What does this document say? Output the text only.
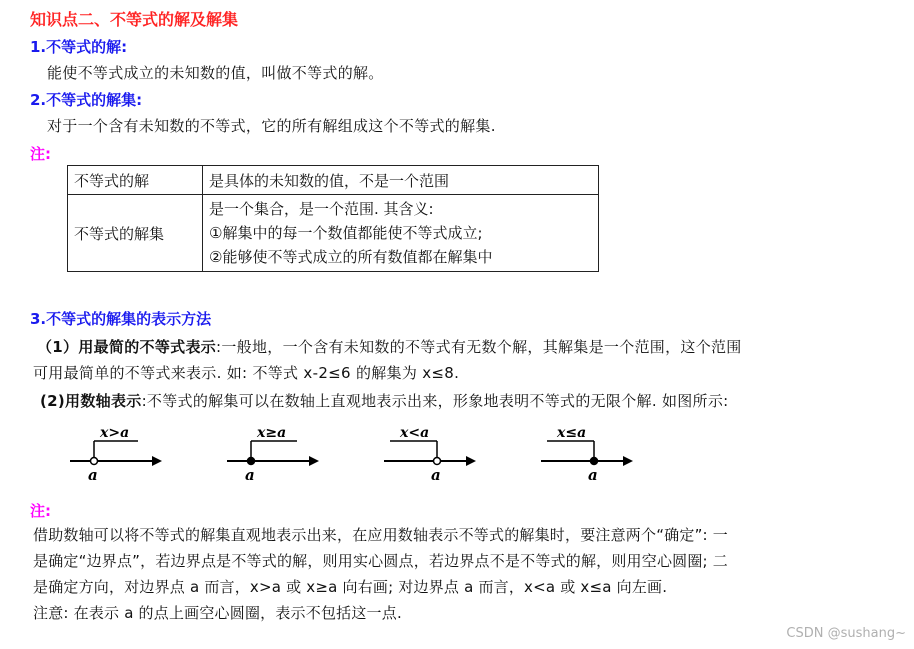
知识点二、不等式的解及解集
1.不等式的解:
能使不等式成立的未知数的值，叫做不等式的解。
2.不等式的解集:
对于一个含有未知数的不等式，它的所有解组成这个不等式的解集.
注:
不等式的解	是具体的未知数的值，不是一个范围
不等式的解集	是一个集合，是一个范围. 其含义:
①解集中的每一个数值都能使不等式成立;
②能够使不等式成立的所有数值都在解集中
3.不等式的解集的表示方法
（1）用最简的不等式表示:一般地，一个含有未知数的不等式有无数个解，其解集是一个范围，这个范围
可用最简单的不等式来表示. 如: 不等式 x-2≤6 的解集为 x≤8.
(2)用数轴表示:不等式的解集可以在数轴上直观地表示出来，形象地表明不等式的无限个解. 如图所示:
x>a
a
x≥a
a
x<a
a
x≤a
a
注:
借助数轴可以将不等式的解集直观地表示出来，在应用数轴表示不等式的解集时，要注意两个“确定”: 一
是确定“边界点”，若边界点是不等式的解，则用实心圆点，若边界点不是不等式的解，则用空心圆圈; 二
是确定方向，对边界点 a 而言，x>a 或 x≥a 向右画; 对边界点 a 而言，x<a 或 x≤a 向左画.
注意: 在表示 a 的点上画空心圆圈，表示不包括这一点.
CSDN @sushang~
